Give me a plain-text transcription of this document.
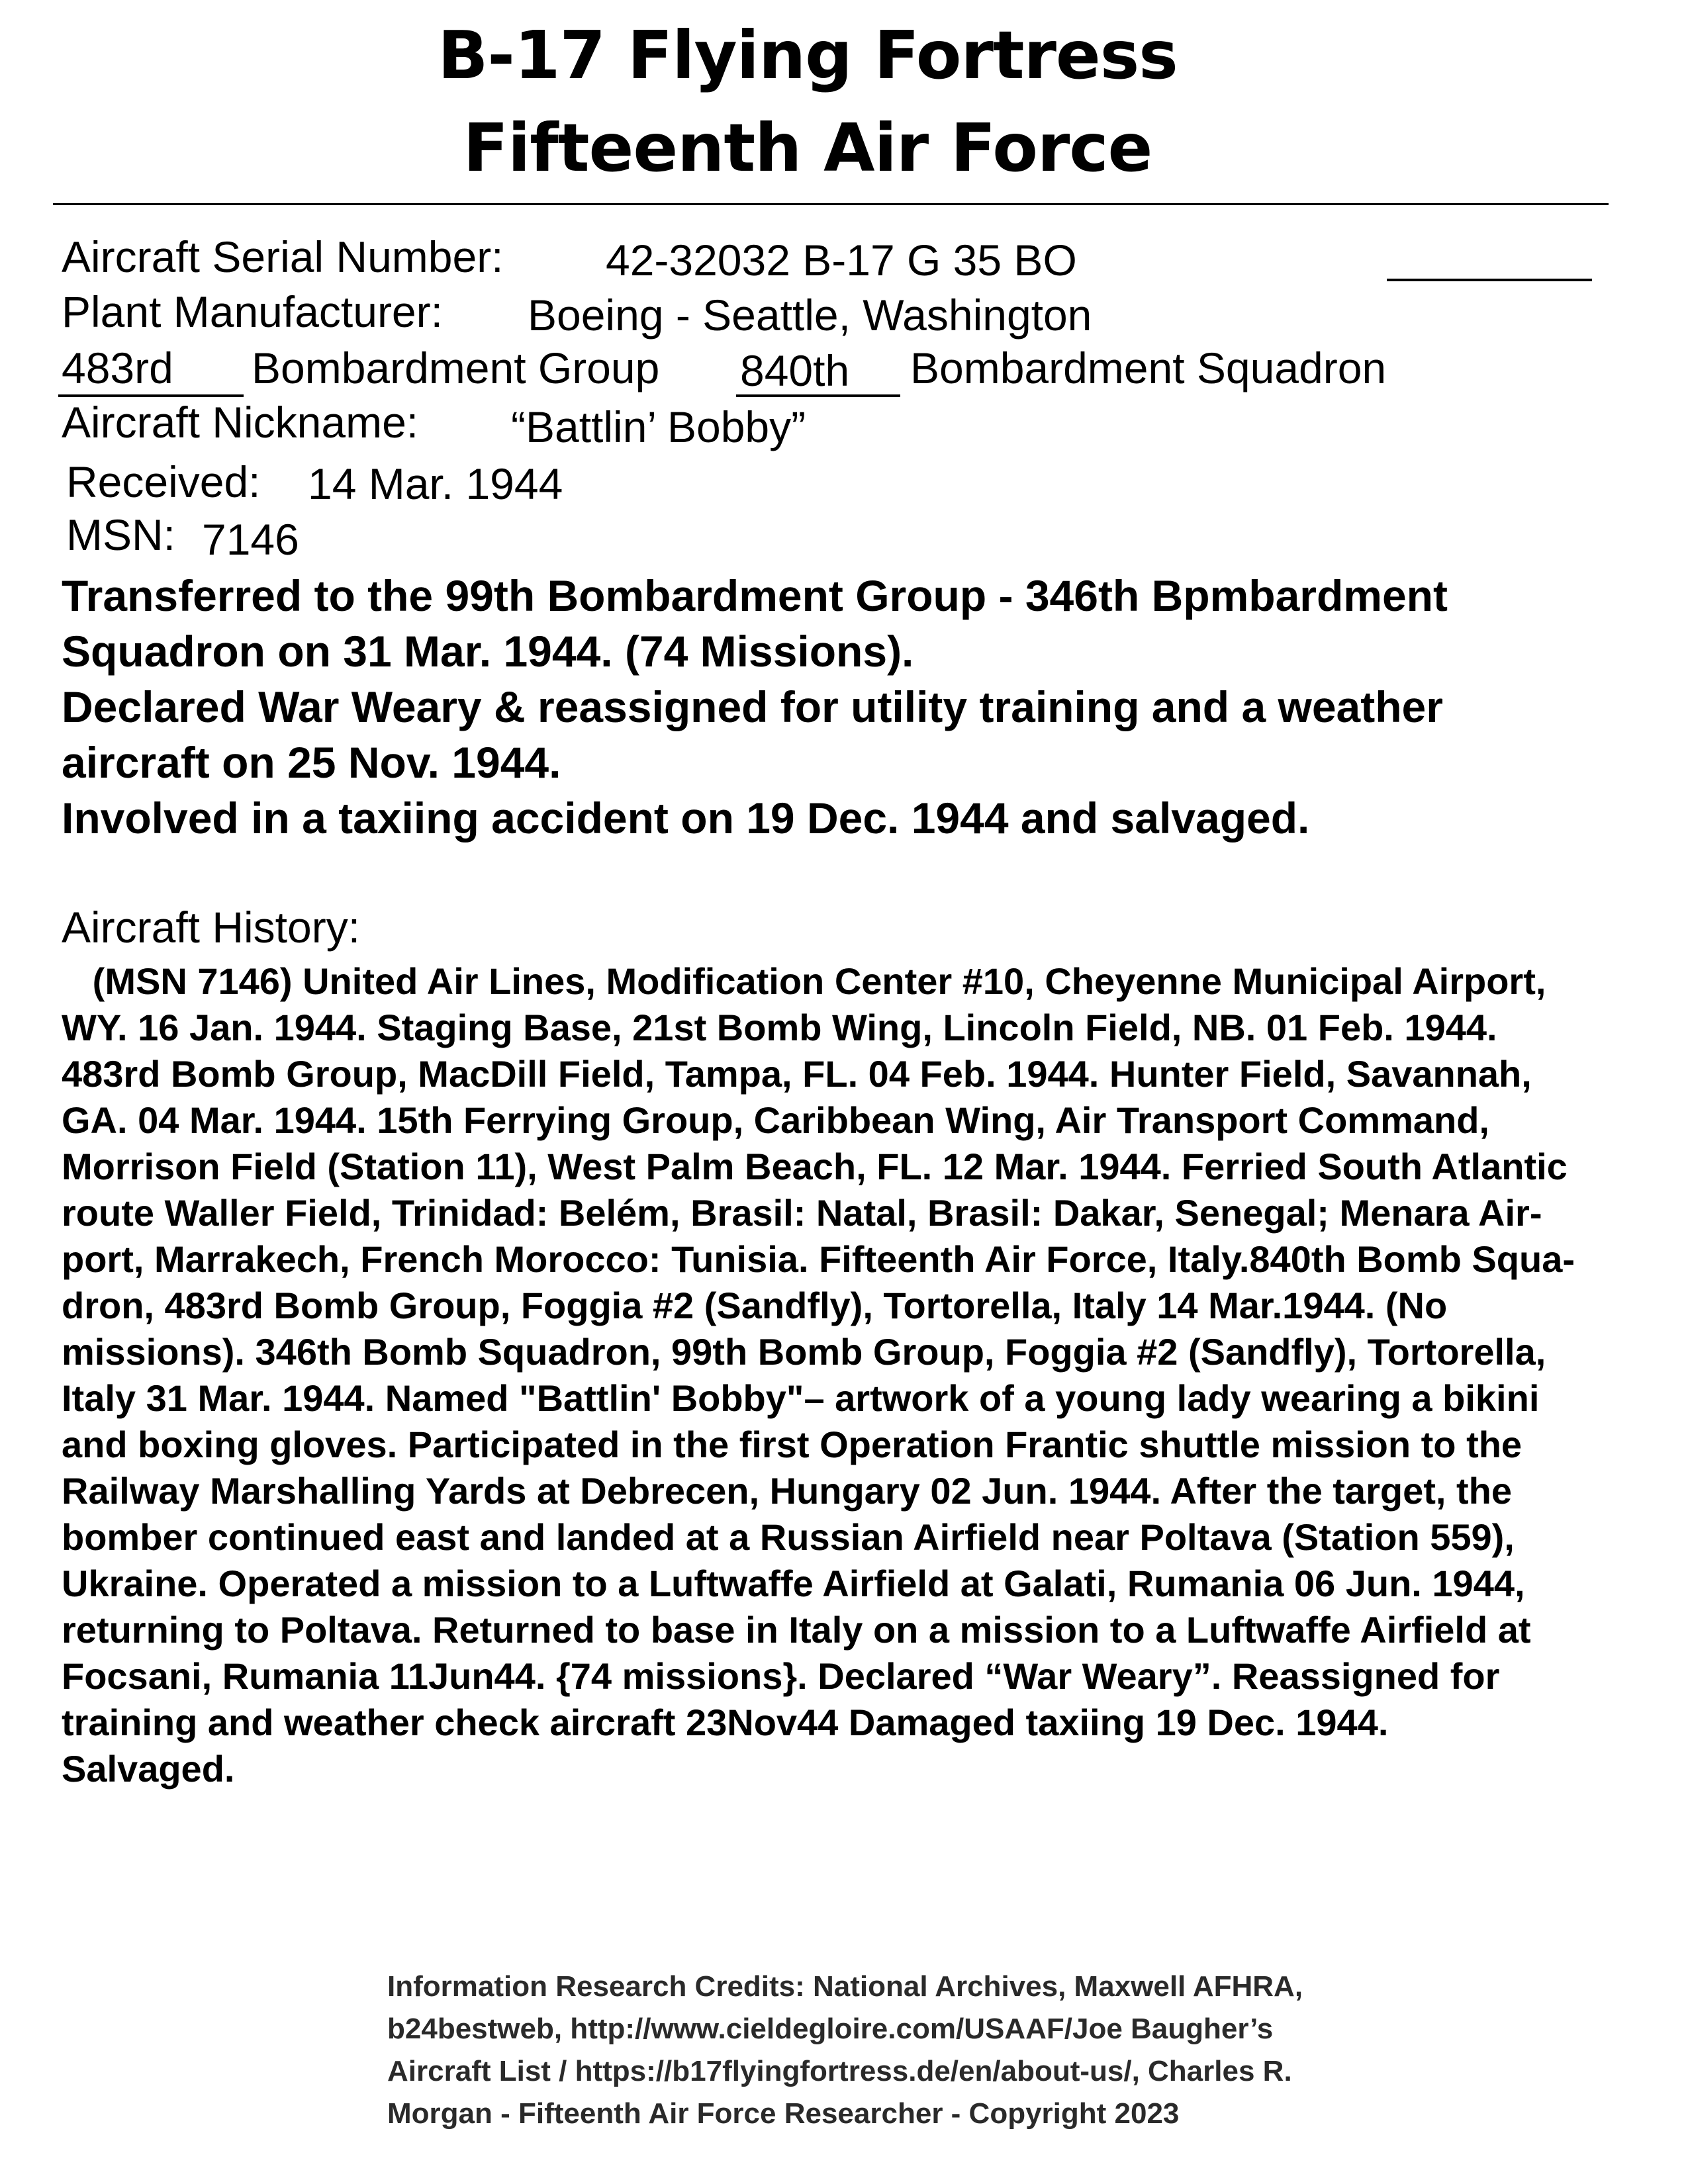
B-17 Flying Fortress
Fifteenth Air Force
Aircraft Serial Number: 42-32032 B-17 G 35 BO
Plant Manufacturer: Boeing - Seattle, Washington
483rd Bombardment Group 840th Bombardment Squadron
Aircraft Nickname: “Battlin’ Bobby”
Received: 14 Mar. 1944
MSN: 7146
Transferred to the 99th Bombardment Group - 346th Bpmbardment
Squadron on 31 Mar. 1944. (74 Missions).
Declared War Weary & reassigned for utility training and a weather
aircraft on 25 Nov. 1944.
Involved in a taxiing accident on 19 Dec. 1944 and salvaged.
Aircraft History:
(MSN 7146) United Air Lines, Modification Center #10, Cheyenne Municipal Airport,
WY. 16 Jan. 1944. Staging Base, 21st Bomb Wing, Lincoln Field, NB. 01 Feb. 1944.
483rd Bomb Group, MacDill Field, Tampa, FL. 04 Feb. 1944. Hunter Field, Savannah,
GA. 04 Mar. 1944. 15th Ferrying Group, Caribbean Wing, Air Transport Command,
Morrison Field (Station 11), West Palm Beach, FL. 12 Mar. 1944. Ferried South Atlantic
route Waller Field, Trinidad: Belém, Brasil: Natal, Brasil: Dakar, Senegal; Menara Air-
port, Marrakech, French Morocco: Tunisia. Fifteenth Air Force, Italy.840th Bomb Squa-
dron, 483rd Bomb Group, Foggia #2 (Sandfly), Tortorella, Italy 14 Mar.1944. (No
missions). 346th Bomb Squadron, 99th Bomb Group, Foggia #2 (Sandfly), Tortorella,
Italy 31 Mar. 1944. Named "Battlin' Bobby"– artwork of a young lady wearing a bikini
and boxing gloves. Participated in the first Operation Frantic shuttle mission to the
Railway Marshalling Yards at Debrecen, Hungary 02 Jun. 1944. After the target, the
bomber continued east and landed at a Russian Airfield near Poltava (Station 559),
Ukraine. Operated a mission to a Luftwaffe Airfield at Galati, Rumania 06 Jun. 1944,
returning to Poltava. Returned to base in Italy on a mission to a Luftwaffe Airfield at
Focsani, Rumania 11Jun44. {74 missions}. Declared “War Weary”. Reassigned for
training and weather check aircraft 23Nov44 Damaged taxiing 19 Dec. 1944.
Salvaged.
Information Research Credits: National Archives, Maxwell AFHRA,
b24bestweb, http://www.cieldegloire.com/USAAF/Joe Baugher’s
Aircraft List / https://b17flyingfortress.de/en/about-us/, Charles R.
Morgan - Fifteenth Air Force Researcher - Copyright 2023
